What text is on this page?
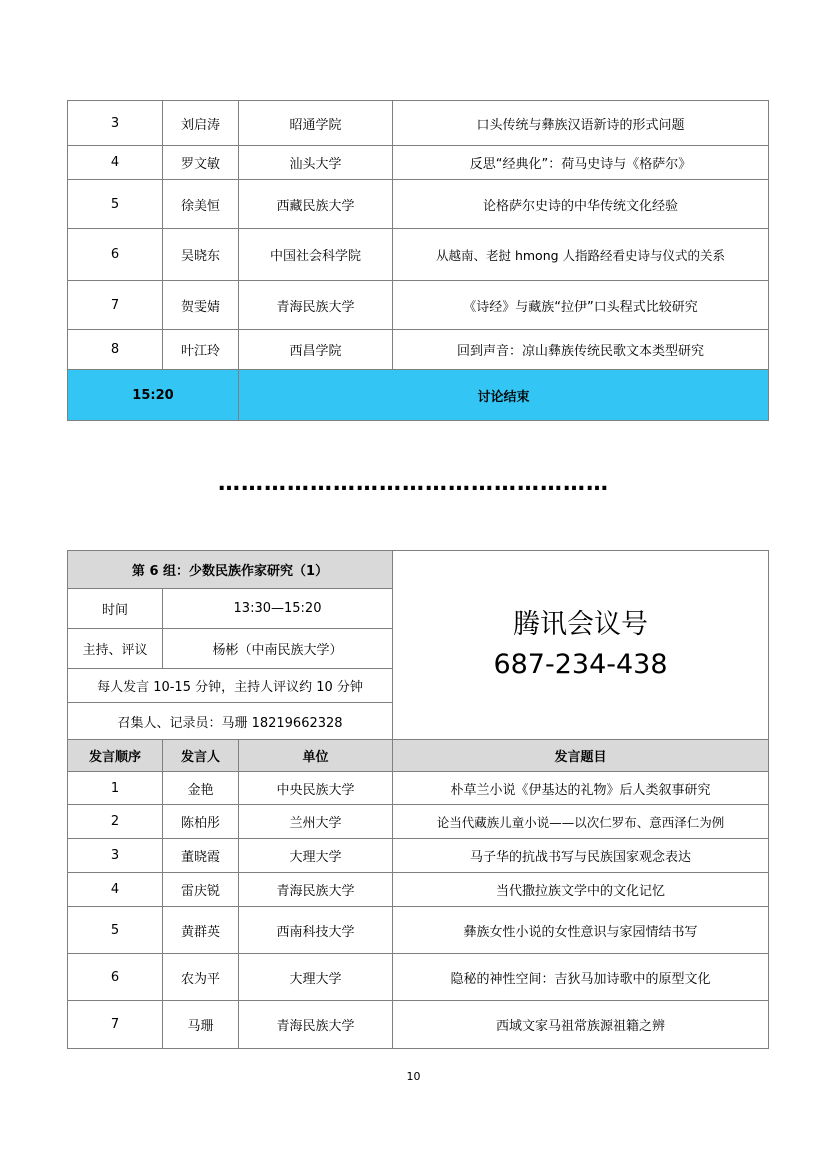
3	刘启涛	昭通学院	口头传统与彝族汉语新诗的形式问题
4	罗文敏	汕头大学	反思“经典化”：荷马史诗与《格萨尔》
5	徐美恒	西藏民族大学	论格萨尔史诗的中华传统文化经验
6	吴晓东	中国社会科学院	从越南、老挝 hmong 人指路经看史诗与仪式的关系
7	贺雯婧	青海民族大学	《诗经》与藏族“拉伊”口头程式比较研究
8	叶江玲	西昌学院	回到声音：凉山彝族传统民歌文本类型研究
15:20		讨论结束	
……………………………………………
第 6 组：少数民族作家研究（1）			腾讯会议号
687-234-438

时间	13:30—15:20		
主持、评议	杨彬（中南民族大学）		
每人发言 10-15 分钟，主持人评议约 10 分钟			
召集人、记录员：马珊 18219662328			
发言顺序	发言人	单位	发言题目
1	金艳	中央民族大学	朴草兰小说《伊基达的礼物》后人类叙事研究
2	陈柏彤	兰州大学	论当代藏族儿童小说——以次仁罗布、意西泽仁为例
3	董晓霞	大理大学	马子华的抗战书写与民族国家观念表达
4	雷庆锐	青海民族大学	当代撒拉族文学中的文化记忆
5	黄群英	西南科技大学	彝族女性小说的女性意识与家园情结书写
6	农为平	大理大学	隐秘的神性空间：吉狄马加诗歌中的原型文化
7	马珊	青海民族大学	西域文家马祖常族源祖籍之辨
10
